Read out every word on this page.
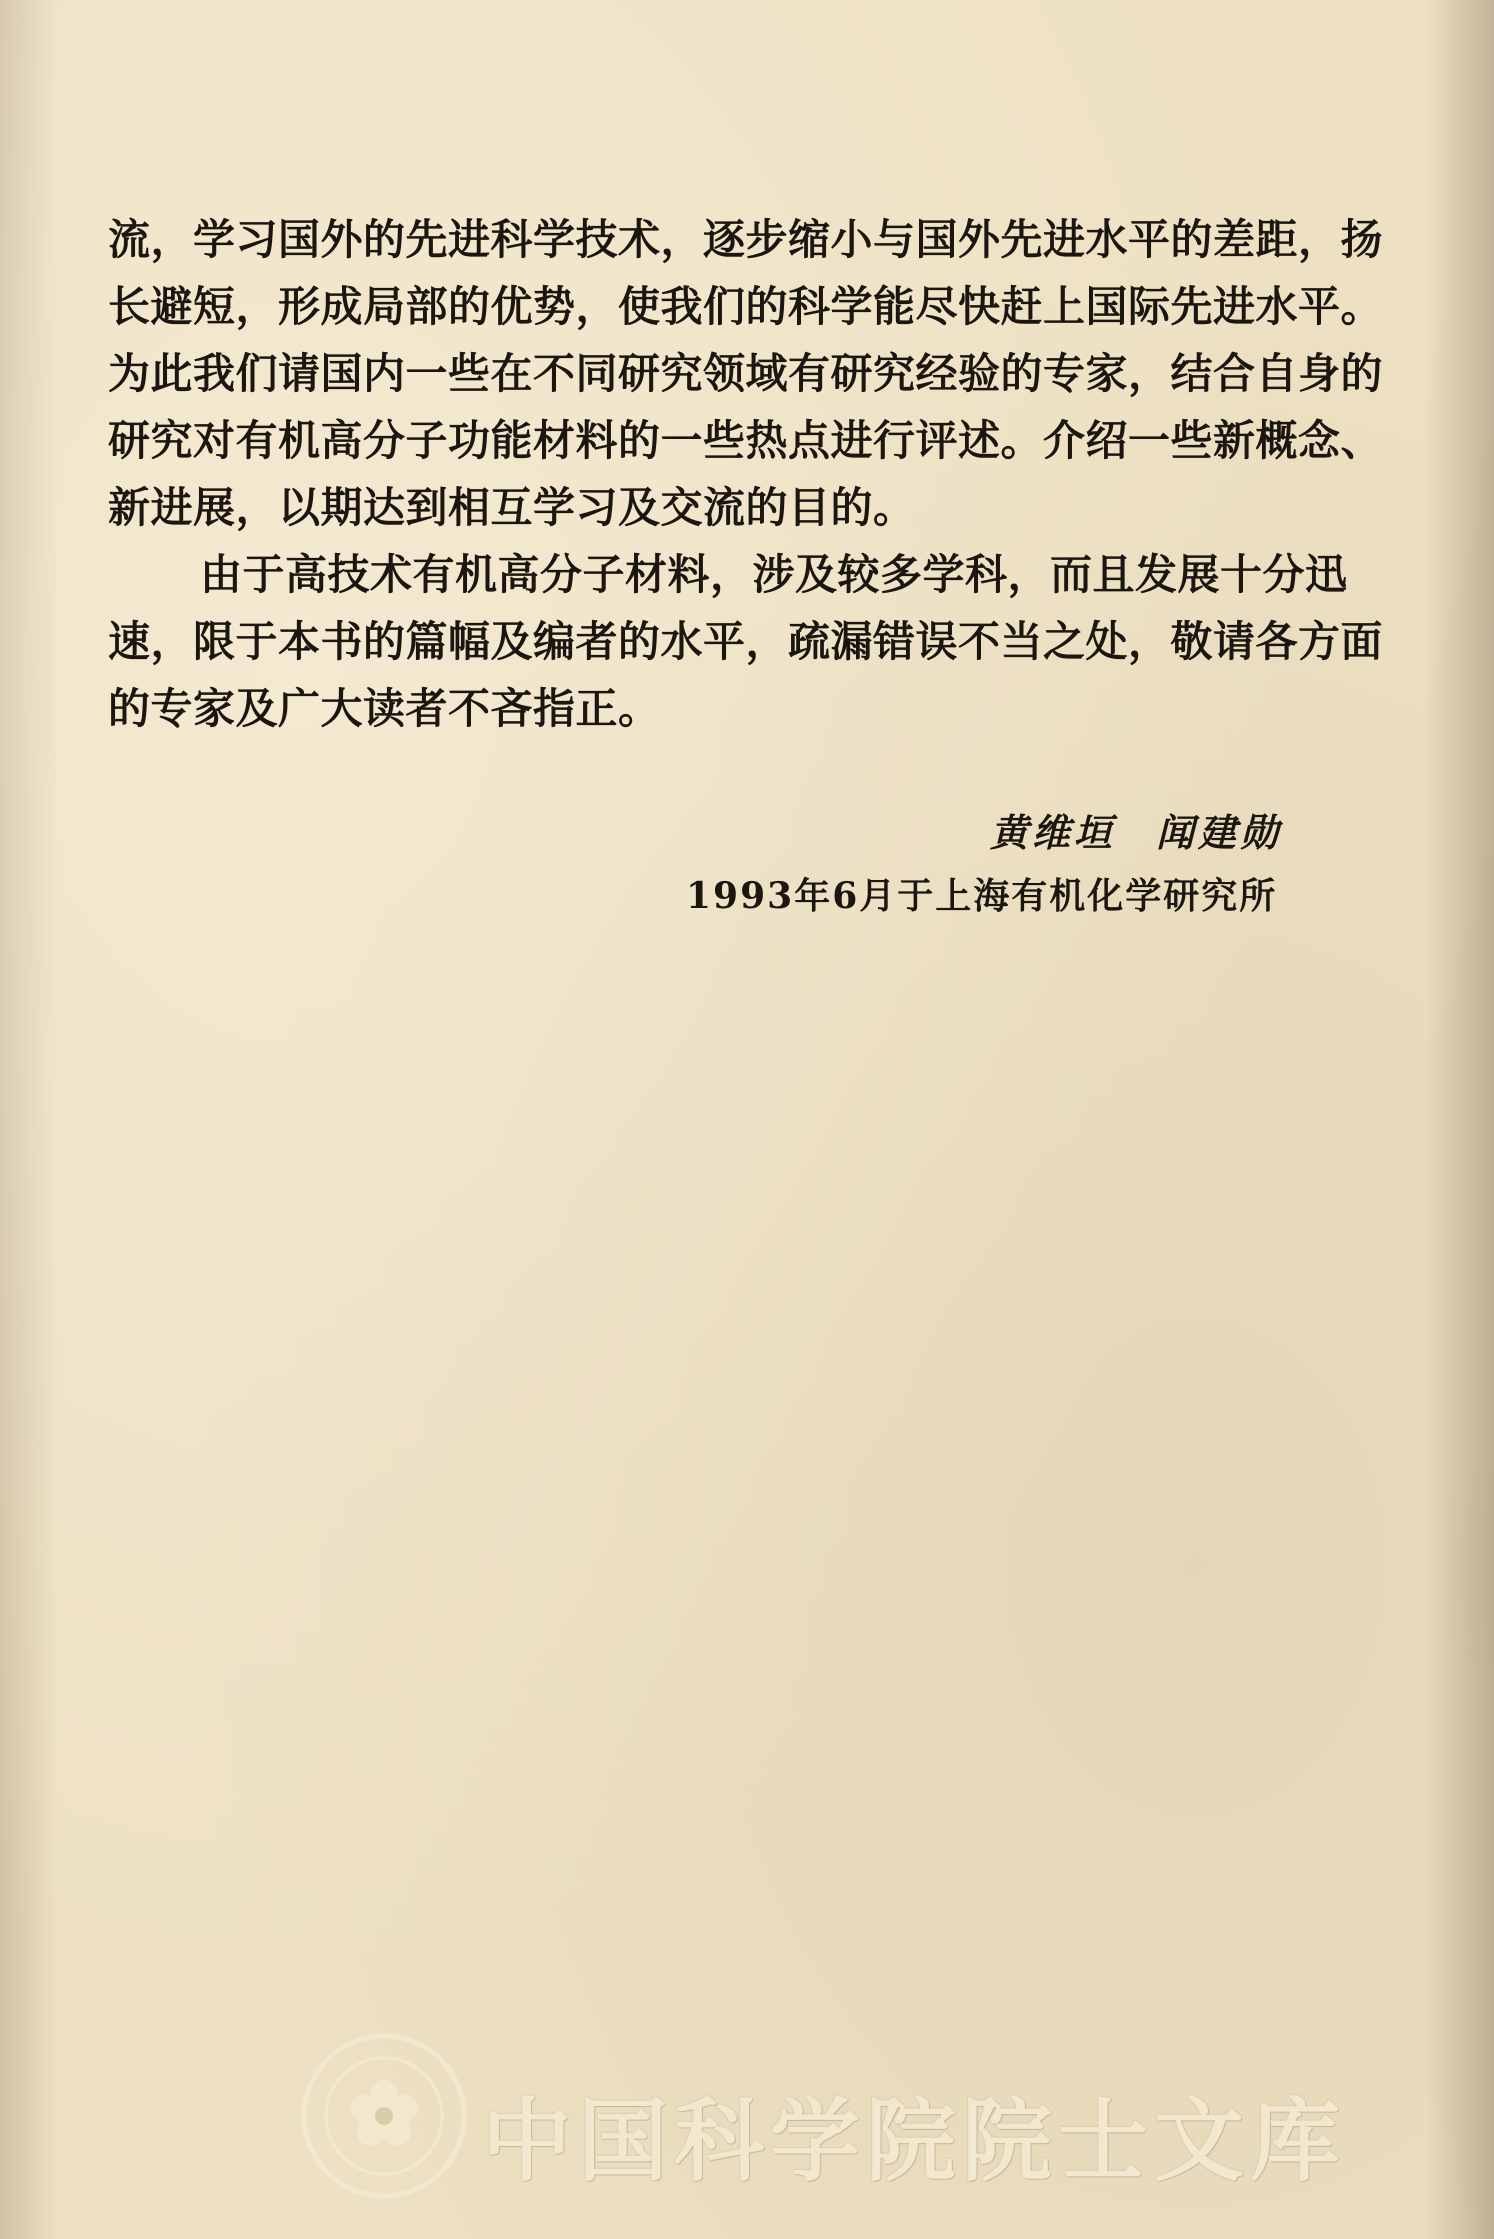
流，学习国外的先进科学技术，逐步缩小与国外先进水平的差距，扬
长避短，形成局部的优势，使我们的科学能尽快赶上国际先进水平。
为此我们请国内一些在不同研究领域有研究经验的专家，结合自身的
研究对有机高分子功能材料的一些热点进行评述。介绍一些新概念、
新进展，以期达到相互学习及交流的目的。

由于高技术有机高分子材料，涉及较多学科，而且发展十分迅
速，限于本书的篇幅及编者的水平，疏漏错误不当之处，敬请各方面
的专家及广大读者不吝指正。

黄维垣 闻建勋
1993年6月于上海有机化学研究所
中国科学院院士文库
